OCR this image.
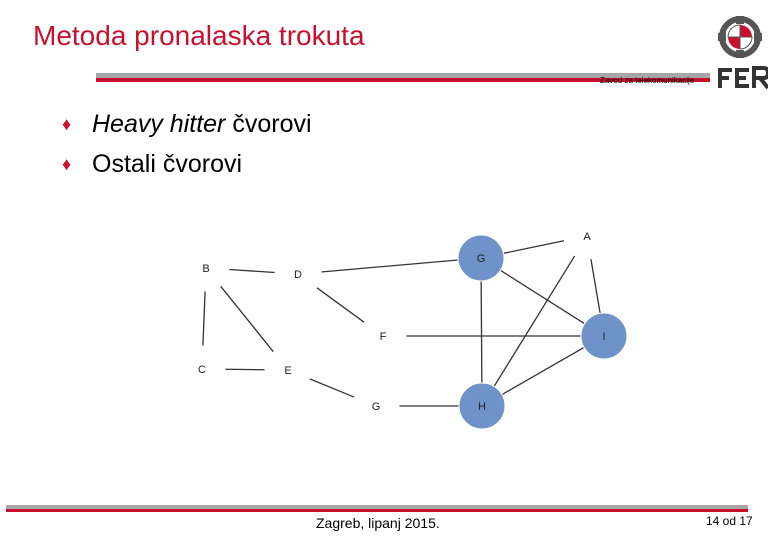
Metoda pronalaska trokuta
Zavod za telekomunikacije
♦ Heavy hitter čvorovi
♦ Ostali čvorovi
A
G
B	D
F	I
C	E
G	H
Zagreb, lipanj 2015.	14 od 17
